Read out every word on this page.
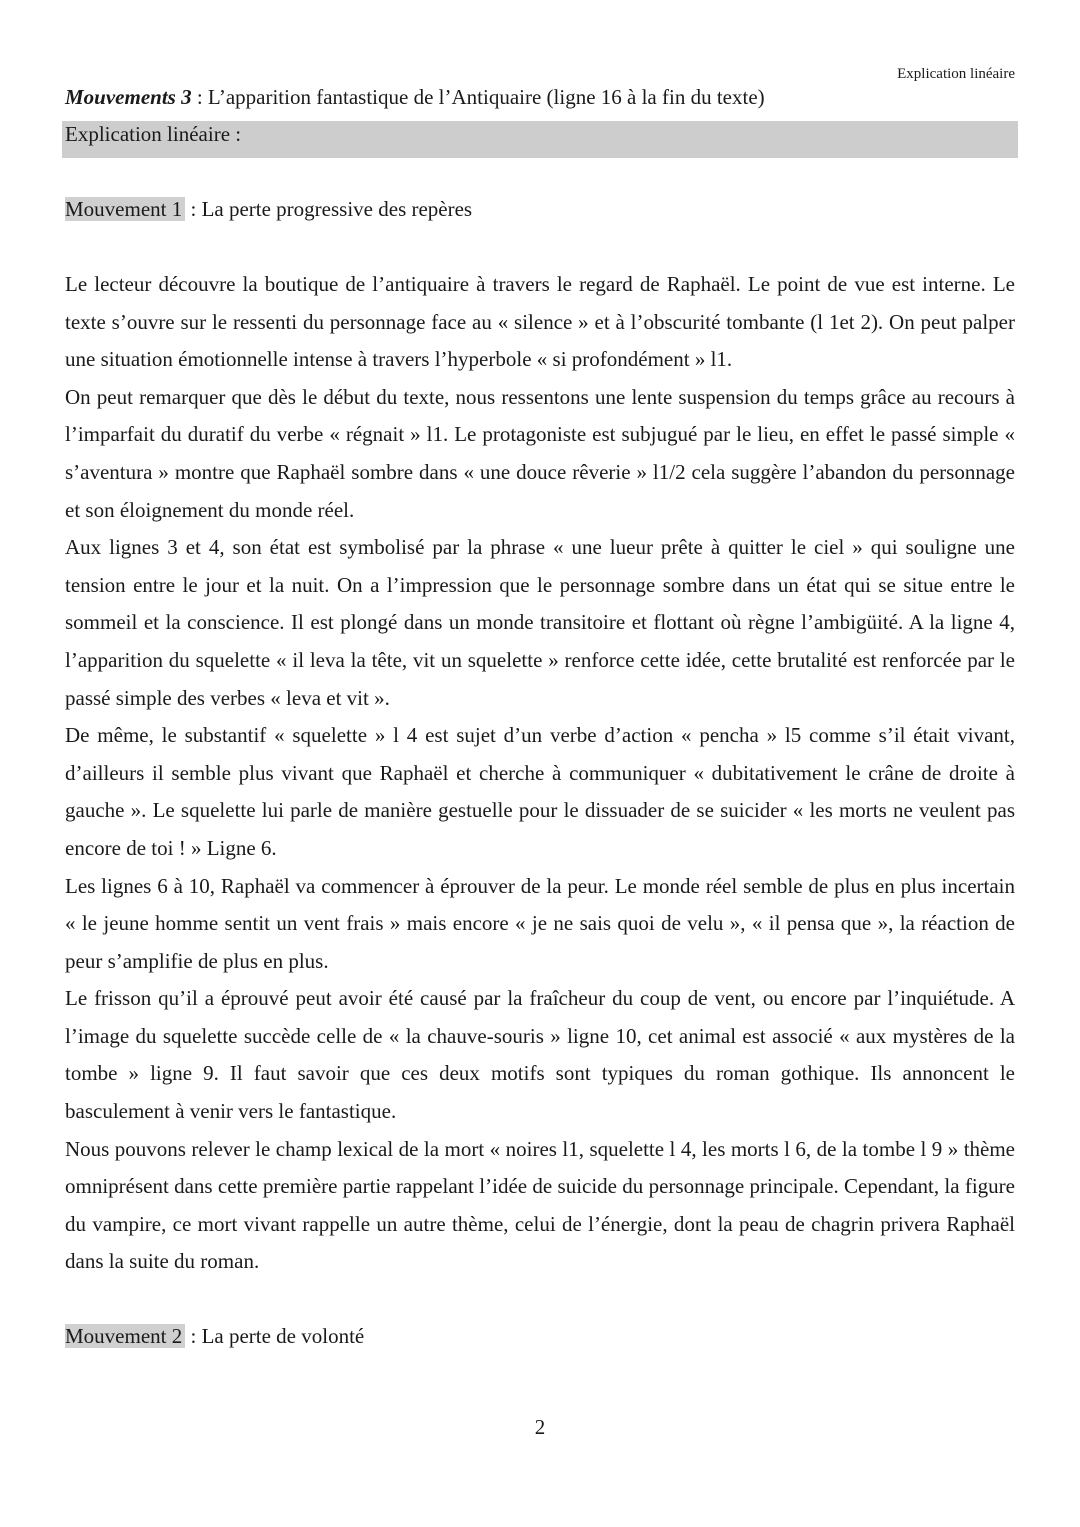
Explication linéaire
Mouvements 3 : L’apparition fantastique de l’Antiquaire (ligne 16 à la fin du texte)
Explication linéaire :
Mouvement 1 : La perte progressive des repères

Le lecteur découvre la boutique de l’antiquaire à travers le regard de Raphaël. Le point de vue est interne. Le texte s’ouvre sur le ressenti du personnage face au « silence » et à l’obscurité tombante (l 1et 2). On peut palper une situation émotionnelle intense à travers l’hyperbole « si profondément » l1.

On peut remarquer que dès le début du texte, nous ressentons une lente suspension du temps grâce au recours à l’imparfait du duratif du verbe « régnait » l1. Le protagoniste est subjugué par le lieu, en effet le passé simple « s’aventura » montre que Raphaël sombre dans « une douce rêverie » l1/2 cela suggère l’abandon du personnage et son éloignement du monde réel.

Aux lignes 3 et 4, son état est symbolisé par la phrase « une lueur prête à quitter le ciel » qui souligne une tension entre le jour et la nuit. On a l’impression que le personnage sombre dans un état qui se situe entre le sommeil et la conscience. Il est plongé dans un monde transitoire et flottant où règne l’ambigüité. A la ligne 4, l’apparition du squelette « il leva la tête, vit un squelette » renforce cette idée, cette brutalité est renforcée par le passé simple des verbes « leva et vit ».

De même, le substantif « squelette » l 4 est sujet d’un verbe d’action « pencha » l5 comme s’il était vivant, d’ailleurs il semble plus vivant que Raphaël et cherche à communiquer « dubitativement le crâne de droite à gauche ». Le squelette lui parle de manière gestuelle pour le dissuader de se suicider « les morts ne veulent pas encore de toi ! » Ligne 6.

Les lignes 6 à 10, Raphaël va commencer à éprouver de la peur. Le monde réel semble de plus en plus incertain « le jeune homme sentit un vent frais » mais encore « je ne sais quoi de velu », « il pensa que », la réaction de peur s’amplifie de plus en plus.

Le frisson qu’il a éprouvé peut avoir été causé par la fraîcheur du coup de vent, ou encore par l’inquiétude. A l’image du squelette succède celle de « la chauve-souris » ligne 10, cet animal est associé « aux mystères de la tombe » ligne 9. Il faut savoir que ces deux motifs sont typiques du roman gothique. Ils annoncent le basculement à venir vers le fantastique.

Nous pouvons relever le champ lexical de la mort « noires l1, squelette l 4, les morts l 6, de la tombe l 9 » thème omniprésent dans cette première partie rappelant l’idée de suicide du personnage principale. Cependant, la figure du vampire, ce mort vivant rappelle un autre thème, celui de l’énergie, dont la peau de chagrin privera Raphaël dans la suite du roman.

Mouvement 2 : La perte de volonté
2
